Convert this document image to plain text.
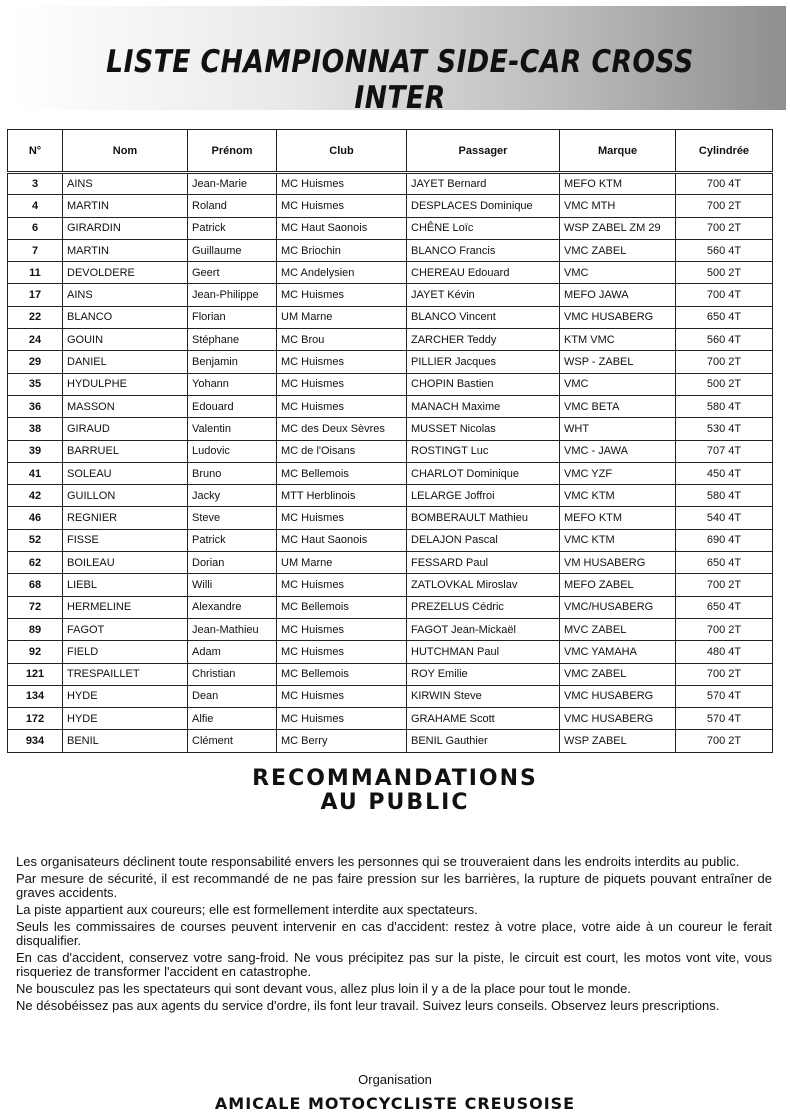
LISTE CHAMPIONNAT SIDE-CAR CROSS INTER
N°	Nom	Prénom	Club	Passager	Marque	Cylindrée
3	AINS	Jean-Marie	MC Huismes	JAYET Bernard	MEFO KTM	700 4T
4	MARTIN	Roland	MC Huismes	DESPLACES Dominique	VMC MTH	700 2T
6	GIRARDIN	Patrick	MC Haut Saonois	CHÊNE Loïc	WSP ZABEL ZM 29	700 2T
7	MARTIN	Guillaume	MC Briochin	BLANCO Francis	VMC ZABEL	560 4T
11	DEVOLDERE	Geert	MC Andelysien	CHEREAU Edouard	VMC	500 2T
17	AINS	Jean-Philippe	MC Huismes	JAYET Kévin	MEFO JAWA	700 4T
22	BLANCO	Florian	UM Marne	BLANCO Vincent	VMC HUSABERG	650 4T
24	GOUIN	Stéphane	MC Brou	ZARCHER Teddy	KTM VMC	560 4T
29	DANIEL	Benjamin	MC Huismes	PILLIER Jacques	WSP - ZABEL	700 2T
35	HYDULPHE	Yohann	MC Huismes	CHOPIN Bastien	VMC	500 2T
36	MASSON	Edouard	MC Huismes	MANACH Maxime	VMC BETA	580 4T
38	GIRAUD	Valentin	MC des Deux Sèvres	MUSSET Nicolas	WHT	530 4T
39	BARRUEL	Ludovic	MC de l'Oisans	ROSTINGT Luc	VMC - JAWA	707 4T
41	SOLEAU	Bruno	MC Bellemois	CHARLOT Dominique	VMC YZF	450 4T
42	GUILLON	Jacky	MTT Herblinois	LELARGE Joffroi	VMC KTM	580 4T
46	REGNIER	Steve	MC Huismes	BOMBERAULT Mathieu	MEFO KTM	540 4T
52	FISSE	Patrick	MC Haut Saonois	DELAJON Pascal	VMC KTM	690 4T
62	BOILEAU	Dorian	UM Marne	FESSARD Paul	VM HUSABERG	650 4T
68	LIEBL	Willi	MC Huismes	ZATLOVKAL Miroslav	MEFO ZABEL	700 2T
72	HERMELINE	Alexandre	MC Bellemois	PREZELUS Cédric	VMC/HUSABERG	650 4T
89	FAGOT	Jean-Mathieu	MC Huismes	FAGOT Jean-Mickaël	MVC ZABEL	700 2T
92	FIELD	Adam	MC Huismes	HUTCHMAN Paul	VMC YAMAHA	480 4T
121	TRESPAILLET	Christian	MC Bellemois	ROY Emilie	VMC ZABEL	700 2T
134	HYDE	Dean	MC Huismes	KIRWIN Steve	VMC HUSABERG	570 4T
172	HYDE	Alfie	MC Huismes	GRAHAME Scott	VMC HUSABERG	570 4T
934	BENIL	Clément	MC Berry	BENIL Gauthier	WSP ZABEL	700 2T
RECOMMANDATIONS
AU PUBLIC

Les organisateurs déclinent toute responsabilité envers les personnes qui se trouveraient dans les endroits interdits au public.

Par mesure de sécurité, il est recommandé de ne pas faire pression sur les barrières, la rupture de piquets pouvant entraîner de graves accidents.

La piste appartient aux coureurs; elle est formellement interdite aux spectateurs.

Seuls les commissaires de courses peuvent intervenir en cas d'accident: restez à votre place, votre aide à un coureur le ferait disqualifier.

En cas d'accident, conservez votre sang-froid. Ne vous précipitez pas sur la piste, le circuit est court, les motos vont vite, vous risqueriez de transformer l'accident en catastrophe.

Ne bousculez pas les spectateurs qui sont devant vous, allez plus loin il y a de la place pour tout le monde.

Ne désobéissez pas aux agents du service d'ordre, ils font leur travail. Suivez leurs conseils. Observez leurs prescriptions.

Organisation
AMICALE MOTOCYCLISTE CREUSOISE
